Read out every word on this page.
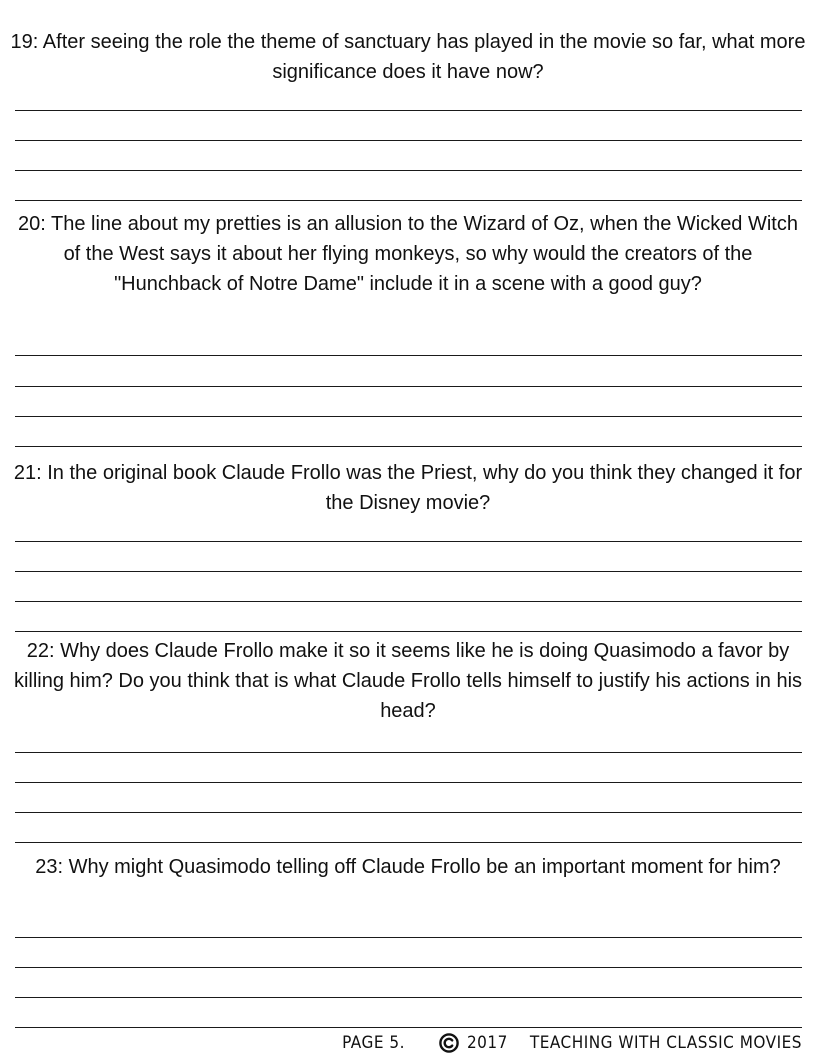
19: After seeing the role the theme of sanctuary has played in the movie so far, what more significance does it have now?

20: The line about my pretties is an allusion to the Wizard of Oz, when the Wicked Witch of the West says it about her flying monkeys, so why would the creators of the "Hunchback of Notre Dame" include it in a scene with a good guy?

21: In the original book Claude Frollo was the Priest, why do you think they changed it for the Disney movie?

22: Why does Claude Frollo make it so it seems like he is doing Quasimodo a favor by killing him? Do you think that is what Claude Frollo tells himself to justify his actions in his head?

23: Why might Quasimodo telling off Claude Frollo be an important moment for him?

PAGE 5.	2017 TEACHING WITH CLASSIC MOVIES
